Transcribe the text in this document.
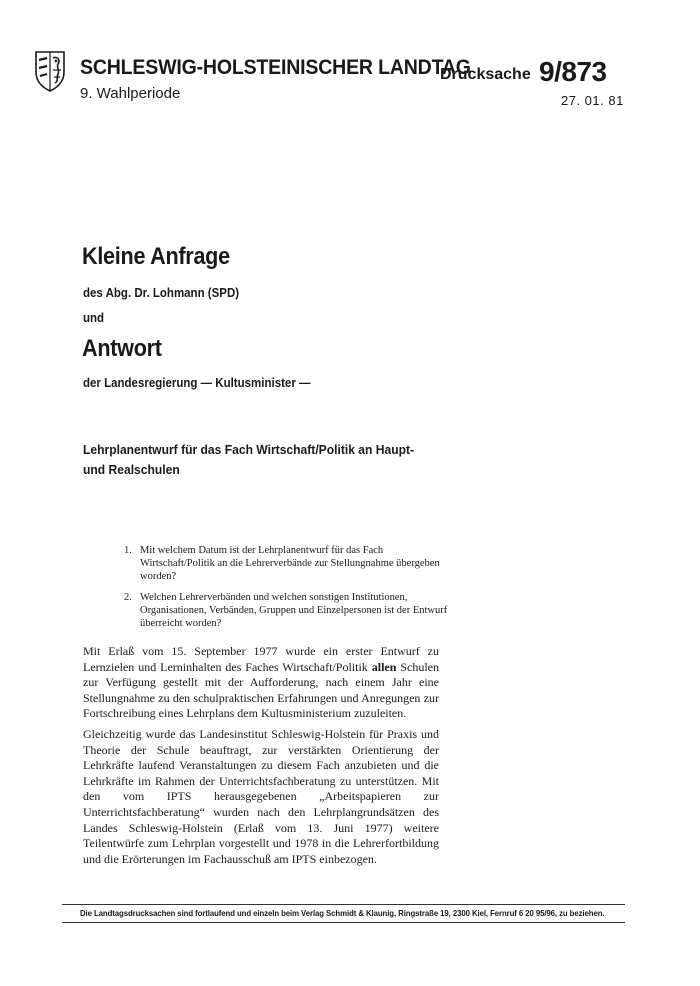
SCHLESWIG-HOLSTEINISCHER LANDTAG
9. Wahlperiode
Drucksache 9/873
27. 01. 81
Kleine Anfrage
des Abg. Dr. Lohmann (SPD)
und
Antwort
der Landesregierung — Kultusminister —
Lehrplanentwurf für das Fach Wirtschaft/Politik an Haupt- und Realschulen
1. Mit welchem Datum ist der Lehrplanentwurf für das Fach Wirtschaft/Politik an die Lehrerverbände zur Stellungnahme übergeben worden?
2. Welchen Lehrerverbänden und welchen sonstigen Institutionen, Organisationen, Verbänden, Gruppen und Einzelpersonen ist der Entwurf überreicht worden?

Mit Erlaß vom 15. September 1977 wurde ein erster Entwurf zu Lernzielen und Lerninhalten des Faches Wirtschaft/Politik allen Schulen zur Verfügung gestellt mit der Aufforderung, nach einem Jahr eine Stellungnahme zu den schulpraktischen Erfahrungen und Anregungen zur Fortschreibung eines Lehrplans dem Kultusministerium zuzuleiten.

Gleichzeitig wurde das Landesinstitut Schleswig-Holstein für Praxis und Theorie der Schule beauftragt, zur verstärkten Orientierung der Lehrkräfte laufend Veranstaltungen zu diesem Fach anzubieten und die Lehrkräfte im Rahmen der Unterrichtsfachberatung zu unterstützen. Mit den vom IPTS herausgegebenen „Arbeitspapieren zur Unterrichtsfachberatung“ wurden nach den Lehrplangrundsätzen des Landes Schleswig-Holstein (Erlaß vom 13. Juni 1977) weitere Teilentwürfe zum Lehrplan vorgestellt und 1978 in die Lehrerfortbildung und die Erörterungen im Fachausschuß am IPTS einbezogen.

Die Landtagsdrucksachen sind fortlaufend und einzeln beim Verlag Schmidt & Klaunig, Ringstraße 19, 2300 Kiel, Fernruf 6 20 95/96, zu beziehen.
